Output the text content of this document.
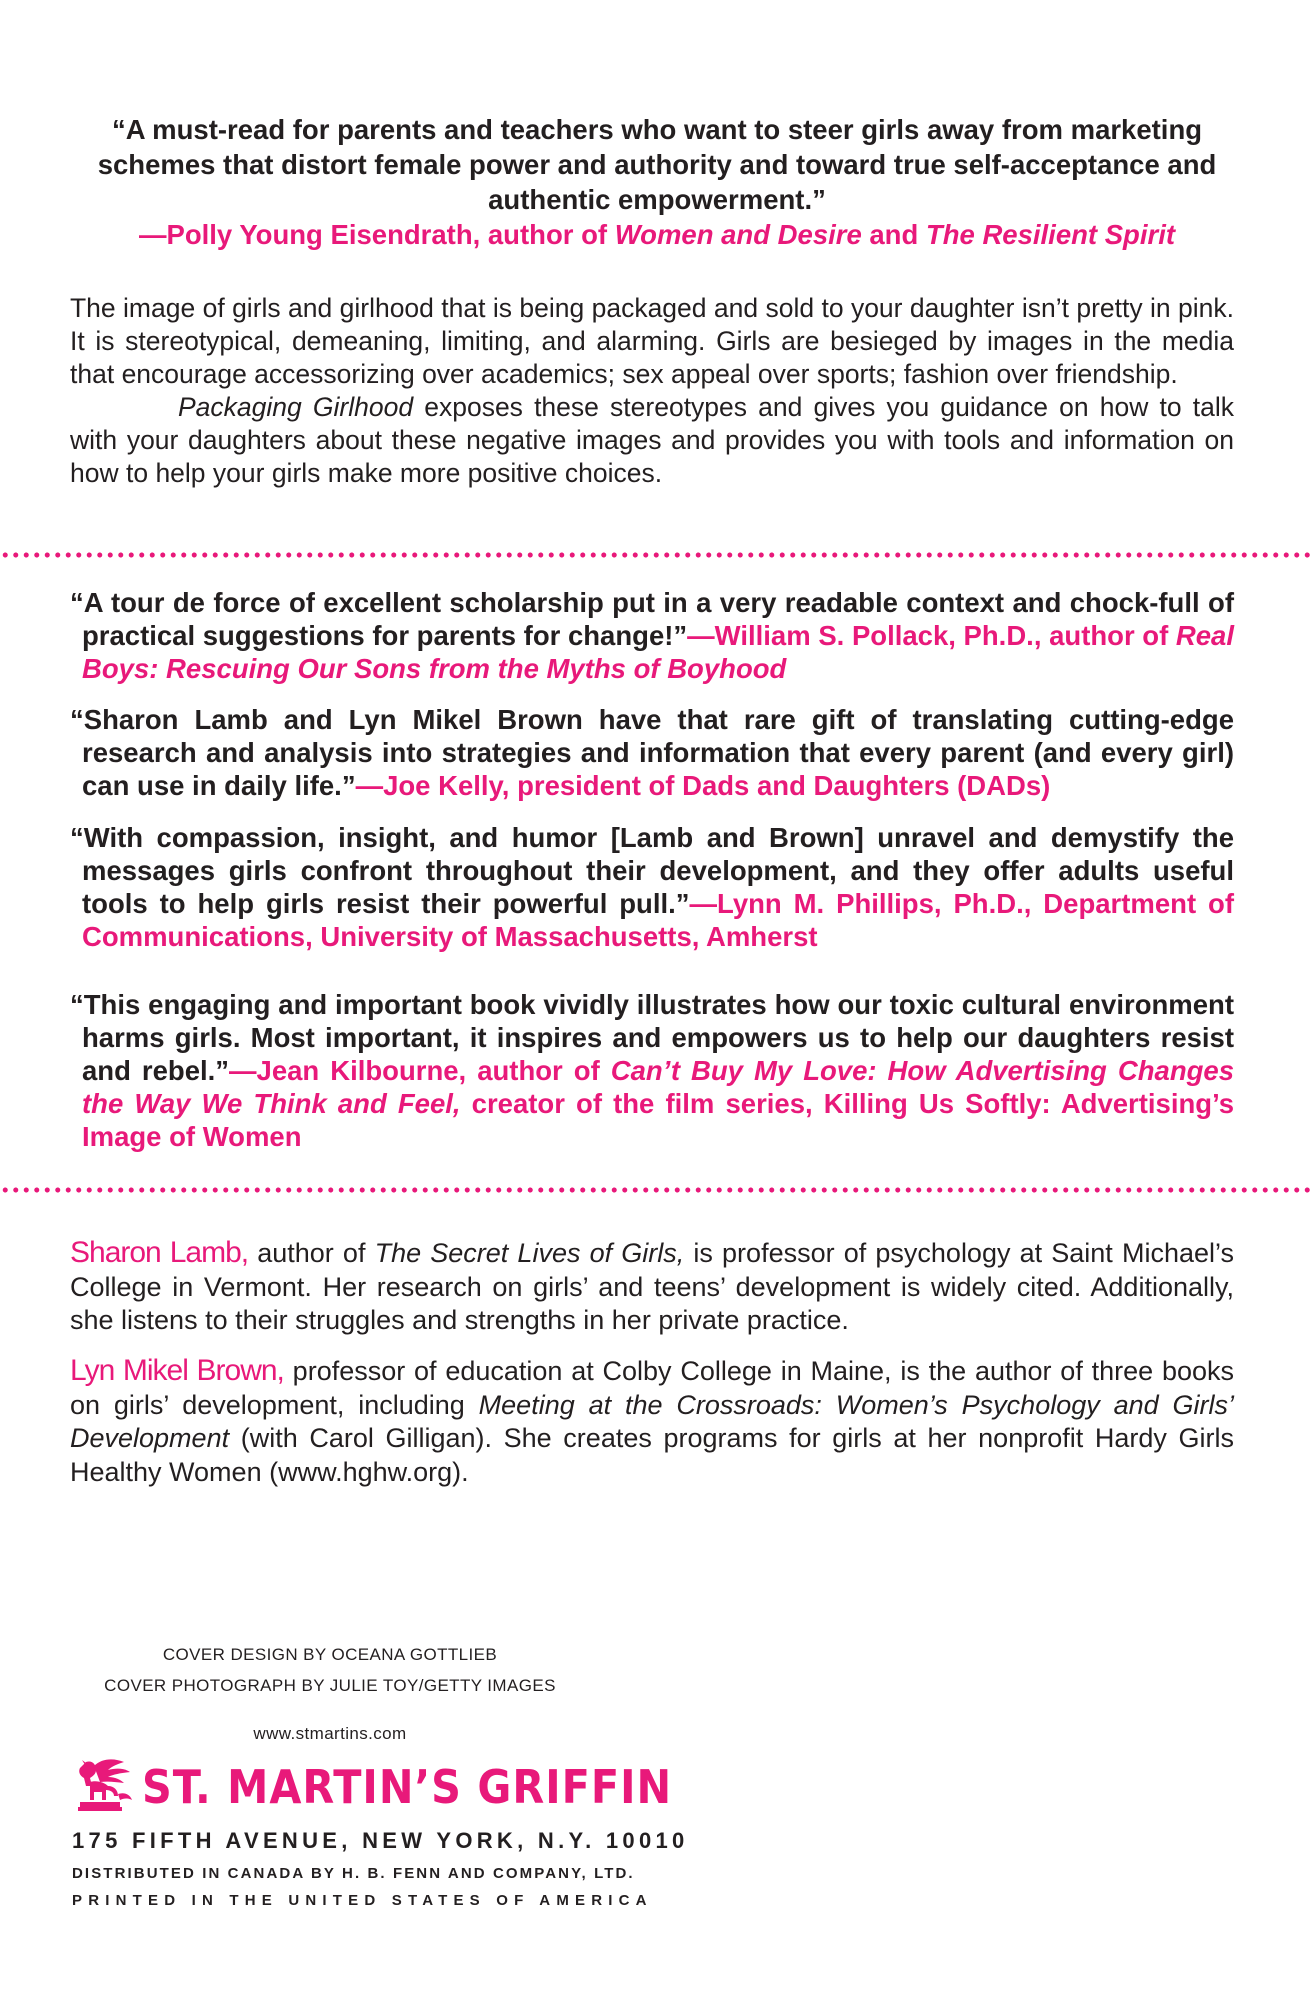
“A must-read for parents and teachers who want to steer girls away from marketing schemes that distort female power and authority and toward true self-acceptance and authentic empowerment.”
—Polly Young Eisendrath, author of Women and Desire and The Resilient Spirit

The image of girls and girlhood that is being packaged and sold to your daughter isn’t pretty in pink. It is stereotypical, demeaning, limiting, and alarming. Girls are besieged by images in the media that encourage accessorizing over academics; sex appeal over sports; fashion over friendship.

Packaging Girlhood exposes these stereotypes and gives you guidance on how to talk with your daughters about these negative images and provides you with tools and information on how to help your girls make more positive choices.

“A tour de force of excellent scholarship put in a very readable context and chock-full of practical suggestions for parents for change!”—William S. Pollack, Ph.D., author of Real Boys: Rescuing Our Sons from the Myths of Boyhood

“Sharon Lamb and Lyn Mikel Brown have that rare gift of translating cutting-edge research and analysis into strategies and information that every parent (and every girl) can use in daily life.”—Joe Kelly, president of Dads and Daughters (DADs)

“With compassion, insight, and humor [Lamb and Brown] unravel and demystify the messages girls confront throughout their development, and they offer adults useful tools to help girls resist their powerful pull.”—Lynn M. Phillips, Ph.D., Department of Communications, University of Massachusetts, Amherst

“This engaging and important book vividly illustrates how our toxic cultural environment harms girls. Most important, it inspires and empowers us to help our daughters resist and rebel.”—Jean Kilbourne, author of Can’t Buy My Love: How Advertising Changes the Way We Think and Feel, creator of the film series, Killing Us Softly: Advertising’s Image of Women

Sharon Lamb, author of The Secret Lives of Girls, is professor of psychology at Saint Michael’s College in Vermont. Her research on girls’ and teens’ development is widely cited. Additionally, she listens to their struggles and strengths in her private practice.

Lyn Mikel Brown, professor of education at Colby College in Maine, is the author of three books on girls’ development, including Meeting at the Crossroads: Women’s Psychology and Girls’ Development (with Carol Gilligan). She creates programs for girls at her nonprofit Hardy Girls Healthy Women (www.hghw.org).

COVER DESIGN BY OCEANA GOTTLIEB
COVER PHOTOGRAPH BY JULIE TOY/GETTY IMAGES
www.stmartins.com
ST. MARTIN’S GRIFFIN
175 FIFTH AVENUE, NEW YORK, N.Y. 10010
DISTRIBUTED IN CANADA BY H. B. FENN AND COMPANY, LTD.
PRINTED IN THE UNITED STATES OF AMERICA
